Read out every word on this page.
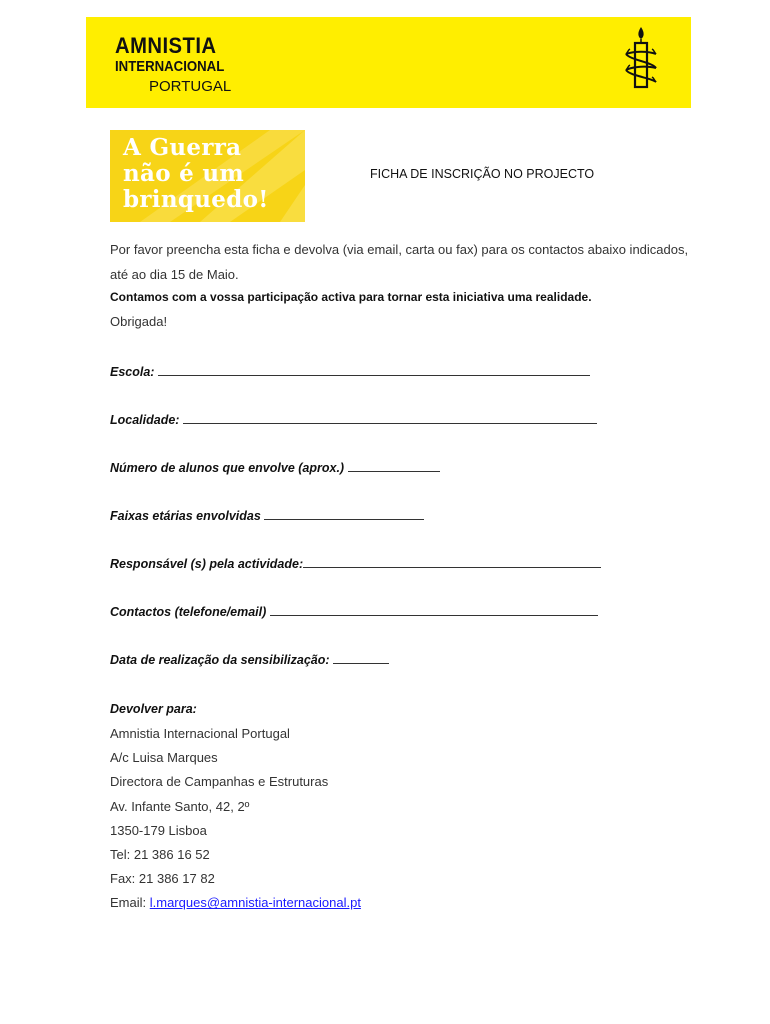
AMNISTIA
INTERNACIONAL
PORTUGAL
A Guerra
não é um
brinquedo!
FICHA DE INSCRIÇÃO NO PROJECTO
Por favor preencha esta ficha e devolva (via email, carta ou fax) para os contactos abaixo indicados, até ao dia 15 de Maio.
Contamos com a vossa participação activa para tornar esta iniciativa uma realidade.
Obrigada!
Escola:
Localidade:
Número de alunos que envolve (aprox.)
Faixas etárias envolvidas
Responsável (s) pela actividade:
Contactos (telefone/email)
Data de realização da sensibilização:
Devolver para:
Amnistia Internacional Portugal
A/c Luisa Marques
Directora de Campanhas e Estruturas
Av. Infante Santo, 42, 2º
1350-179 Lisboa
Tel: 21 386 16 52
Fax: 21 386 17 82
Email: l.marques@amnistia-internacional.pt
